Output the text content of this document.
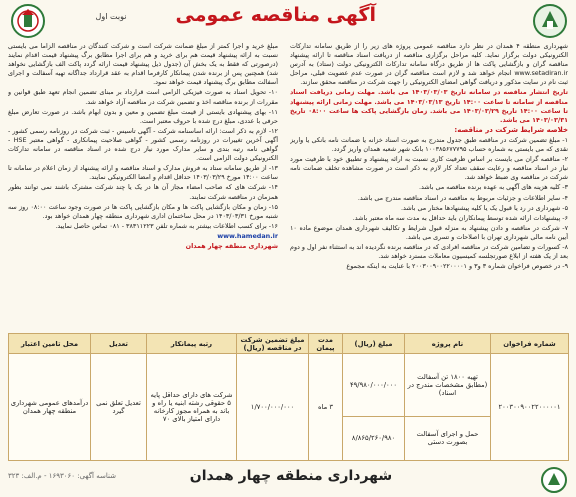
نوبت اول	آگهی مناقصه عمومی

شهرداری منطقه ۴ همدان در نظر دارد مناقصه عمومی پروژه های زیر را از طریق سامانه تدارکات الکترونیکی دولت برگزار نماید. کلیه مراحل برگزاری مناقصه از دریافت اسناد مناقصه تا ارائه پیشنهاد مناقصه گران و بازگشایی پاکت ها از طریق درگاه سامانه تدارکات الکترونیکی دولت (ستاد) به آدرس www.setadiran.ir انجام خواهد شد و لازم است مناقصه گران در صورت عدم عضویت قبلی، مراحل ثبت نام در سایت مذکور و دریافت گواهی امضای الکترونیکی را جهت شرکت در مناقصه محقق سازند.

تاریخ انتشار مناقصه در سامانه تاریخ ۱۴۰۳/۰۳/۰۳ می باشد. مهلت زمانی دریافت اسناد مناقصه از سامانه تا ساعت ۱۴:۰۰ تاریخ ۱۴۰۳/۰۳/۱۳ می باشد. مهلت زمانی ارائه پیشنهاد تا ساعت ۱۴:۰۰ تاریخ ۱۴۰۳/۰۳/۲۹ می باشد. زمان بازگشایی پاکت ها ساعت ۰۸:۰۰ تاریخ ۱۴۰۳/۰۳/۳۱ می باشد.

خلاصه شرایط شرکت در مناقصه:

۱- مبلغ تضمین شرکت در مناقصه طبق جدول مندرج به صورت اسناد خزانه یا ضمانت نامه بانکی یا واریز نقدی که می بایستی به شماره حساب ۱۰۰۳۸۵۶۷۷۷۹۵ بانک شهر شعبه همدان واریز گردد.

۲- مناقصه گران می بایست بر اساس ظرفیت کاری نسبت به ارائه پیشنهاد و تطبیق خود با ظرفیت مورد نیاز در اسناد مناقصه و رعایت سقف تعداد کار لازم به ذکر است در صورت مشاهده تخلف ضمانت نامه شرکت در مناقصه وی ضبط خواهد شد.

۳- کلیه هزینه های آگهی به عهده برنده مناقصه می باشد.

۴- سایر اطلاعات و جزئیات مربوط به مناقصه در اسناد مناقصه مندرج می باشد.

۵- شهرداری در رد یا قبول یک یا کلیه پیشنهادها مختار می باشد.

۶- پیشنهادات ارائه شده توسط پیمانکاران باید حداقل به مدت سه ماه معتبر باشد.

۷- شرکت در مناقصه و دادن پیشنهاد به منزله قبول شرایط و تکالیف شهرداری همدان موضوع ماده ۱۰ آیین نامه مالی شهرداری تهران با اصلاحات و تسری می باشد.

۸- کسورات و تضامین شرکت در مناقصه افرادی که در مناقصه برنده نگردیده اند به استثناء نفر اول و دوم بعد از یک هفته از ابلاغ صورتجلسه کمیسیون معاملات مسترد خواهد شد.

۹- در خصوص فراخوان شماره ۳ و۳ و ۲۰۰۳۰۰۹۰۰۲۲۰۰۰۰۱ با عنایت به اینکه مجموع

مبلغ خرید و اجرا کمتر از مبلغ ضمانت شرکت است و شرکت کنندگان در مناقصه الزاما می بایستی نسبت به ارائه پیشنهاد قیمت هم برای خرید و هم برای اجرا مطابق برگ پیشنهاد قیمت اقدام نمایند (درصورتی که فقط به یک بخش آن (جدول ذیل پیشنهاد قیمت ارائه گردد پاکت الف بازگشایی نخواهد شد) همچنین پس از برنده شدن پیمانکار کارفرما اقدام به عقد قرارداد جداگانه تهیه آسفالت و اجرای آسفالت مطابق برگ پیشنهاد قیمت خواهد نمود.

۱۰- تحویل اسناد به صورت فیزیکی الزامی است قرارداد بر مبنای تضمین انجام تعهد طبق قوانین و مقررات از برنده مناقصه اخذ و تضمین شرکت در مناقصه آزاد خواهد شد.

۱۱- بهای پیشنهادی بایستی از قیمت مبلغ تضمین و معین و بدون ابهام باشد. در صورت تعارض مبلغ حرفی با عددی، مبلغ درج شده با حروف معتبر است.

۱۲- لازم به ذکر است: ارائه اساسنامه شرکت - آگهی تاسیس - ثبت شرکت در روزنامه رسمی کشور - آگهی آخرین تغییرات در روزنامه رسمی کشور - گواهی صلاحیت پیمانکاری - گواهی معتبر HSE - گواهی نامه رتبه بندی و سایر مدارک مورد نیاز درج شده در اسناد مناقصه در سامانه تدارکات الکترونیکی دولت الزامی است.

۱۳- از طریق سامانه ستاد به فروش مدارک و اسناد مناقصه و ارائه پیشنهاد از زمان اعلام در سامانه تا ساعت ۱۴:۰۰ مورخ ۱۴۰۳/۰۳/۲۹ حداقل اقدام و امضا الکترونیکی نمایند.

۱۴- شرکت های که صاحب امضاء مجاز آن ها در یک یا چند شرکت مشترک باشند نمی توانند بطور همزمان در مناقصه شرکت نمایند.

۱۵- زمان و مکان بازگشایی پاکت ها و مکان بازگشایی پاکت ها در صورت وجود ساعت ۰۸:۰۰ روز سه شنبه مورخ ۱۴۰۳/۰۳/۳۱ در محل ساختمان اداری شهرداری منطقه چهار همدان خواهد بود.

۱۶- برای کسب اطلاعات بیشتر به شماره تلفن ۳۸۳۱۱۲۲۳ - ۰۸۱ تماس حاصل نمایید.

www.hamedan.ir

شهرداری منطقه چهار همدان

شماره فراخوان	نام پروژه	مبلغ (ریال)	مدت پیمان	مبلغ تضمین شرکت در مناقصه (ریال)	رتبه پیمانکار	تعدیل	محل تامین اعتبار
۲۰۰۳۰۰۹۰۰۲۲۰۰۰۰۰۱	تهیه ۱۸۰۰ تن آسفالت (مطابق مشخصات مندرج در اسناد)	۴۹/۹۸۰/۰۰۰/۰۰۰	۳ ماه	۱/۷۰۰/۰۰۰/۰۰۰	شرکت های دارای حداقل پایه ۵ حقوقی رشته ابنیه یا راه و باند به همراه مجوز کارخانه دارای امتیاز بالای ۷۰	تعدیل تعلق نمی گیرد	درآمدهای عمومی شهرداری منطقه چهار همدان
	حمل و اجرای آسفالت بصورت دستی	۸/۸۶۵/۲۶۰/۹۸۰					
شناسه آگهی: ۱۶۹۳۰۶۰ - م.الف: ۳۲۳	شهرداری منطقه چهار همدان
